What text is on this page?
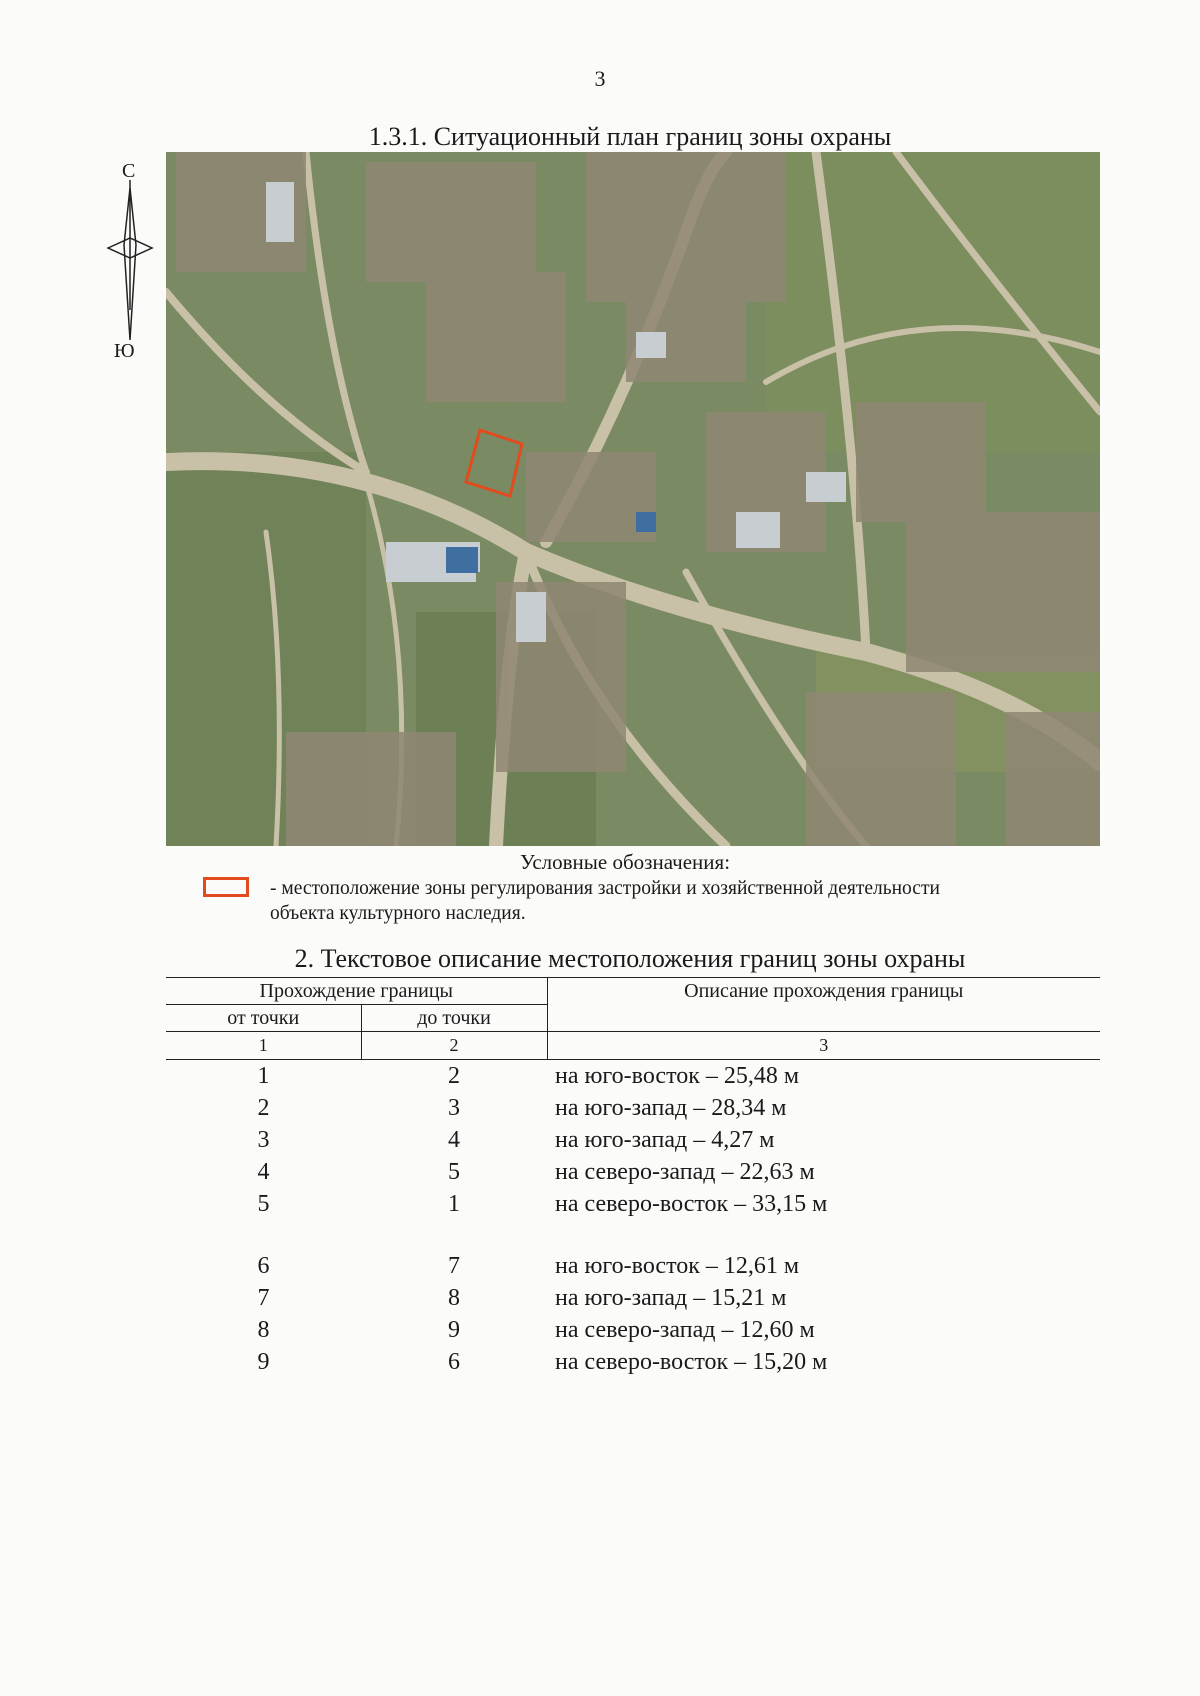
3
1.3.1. Ситуационный план границ зоны охраны
С
Ю
Условные обозначения:
- местоположение зоны регулирования застройки и хозяйственной деятельности
объекта культурного наследия.
2. Текстовое описание местоположения границ зоны охраны
Прохождение границы		Описание прохождения границы
от точки	до точки	
1	2	3
1	2	на юго-восток – 25,48 м
2	3	на юго-запад – 28,34 м
3	4	на юго-запад – 4,27 м
4	5	на северо-запад – 22,63 м
5	1	на северо-восток – 33,15 м

6	7	на юго-восток – 12,61 м
7	8	на юго-запад – 15,21 м
8	9	на северо-запад – 12,60 м
9	6	на северо-восток – 15,20 м
